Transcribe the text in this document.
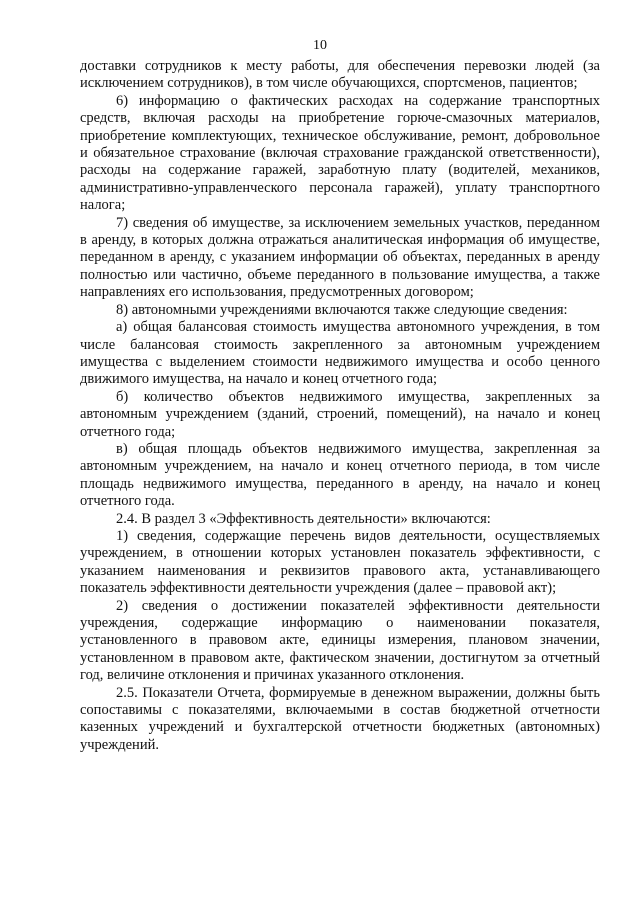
10

доставки сотрудников к месту работы, для обеспечения перевозки людей (за исключением сотрудников), в том числе обучающихся, спортсменов, пациентов;

6) информацию о фактических расходах на содержание транспортных средств, включая расходы на приобретение горюче-смазочных материалов, приобретение комплектующих, техническое обслуживание, ремонт, добровольное и обязательное страхование (включая страхование гражданской ответственности), расходы на содержание гаражей, заработную плату (водителей, механиков, административно-управленческого персонала гаражей), уплату транспортного налога;

7) сведения об имуществе, за исключением земельных участков, переданном в аренду, в которых должна отражаться аналитическая информация об имуществе, переданном в аренду, с указанием информации об объектах, переданных в аренду полностью или частично, объеме переданного в пользование имущества, а также направлениях его использования, предусмотренных договором;

8) автономными учреждениями включаются также следующие сведения:

а) общая балансовая стоимость имущества автономного учреждения, в том числе балансовая стоимость закрепленного за автономным учреждением имущества с выделением стоимости недвижимого имущества и особо ценного движимого имущества, на начало и конец отчетного года;

б) количество объектов недвижимого имущества, закрепленных за автономным учреждением (зданий, строений, помещений), на начало и конец отчетного года;

в) общая площадь объектов недвижимого имущества, закрепленная за автономным учреждением, на начало и конец отчетного периода, в том числе площадь недвижимого имущества, переданного в аренду, на начало и конец отчетного года.

2.4. В раздел 3 «Эффективность деятельности» включаются:

1) сведения, содержащие перечень видов деятельности, осуществляемых учреждением, в отношении которых установлен показатель эффективности, с указанием наименования и реквизитов правового акта, устанавливающего показатель эффективности деятельности учреждения (далее – правовой акт);

2) сведения о достижении показателей эффективности деятельности учреждения, содержащие информацию о наименовании показателя, установленного в правовом акте, единицы измерения, плановом значении, установленном в правовом акте, фактическом значении, достигнутом за отчетный год, величине отклонения и причинах указанного отклонения.

2.5. Показатели Отчета, формируемые в денежном выражении, должны быть сопоставимы с показателями, включаемыми в состав бюджетной отчетности казенных учреждений и бухгалтерской отчетности бюджетных (автономных) учреждений.
